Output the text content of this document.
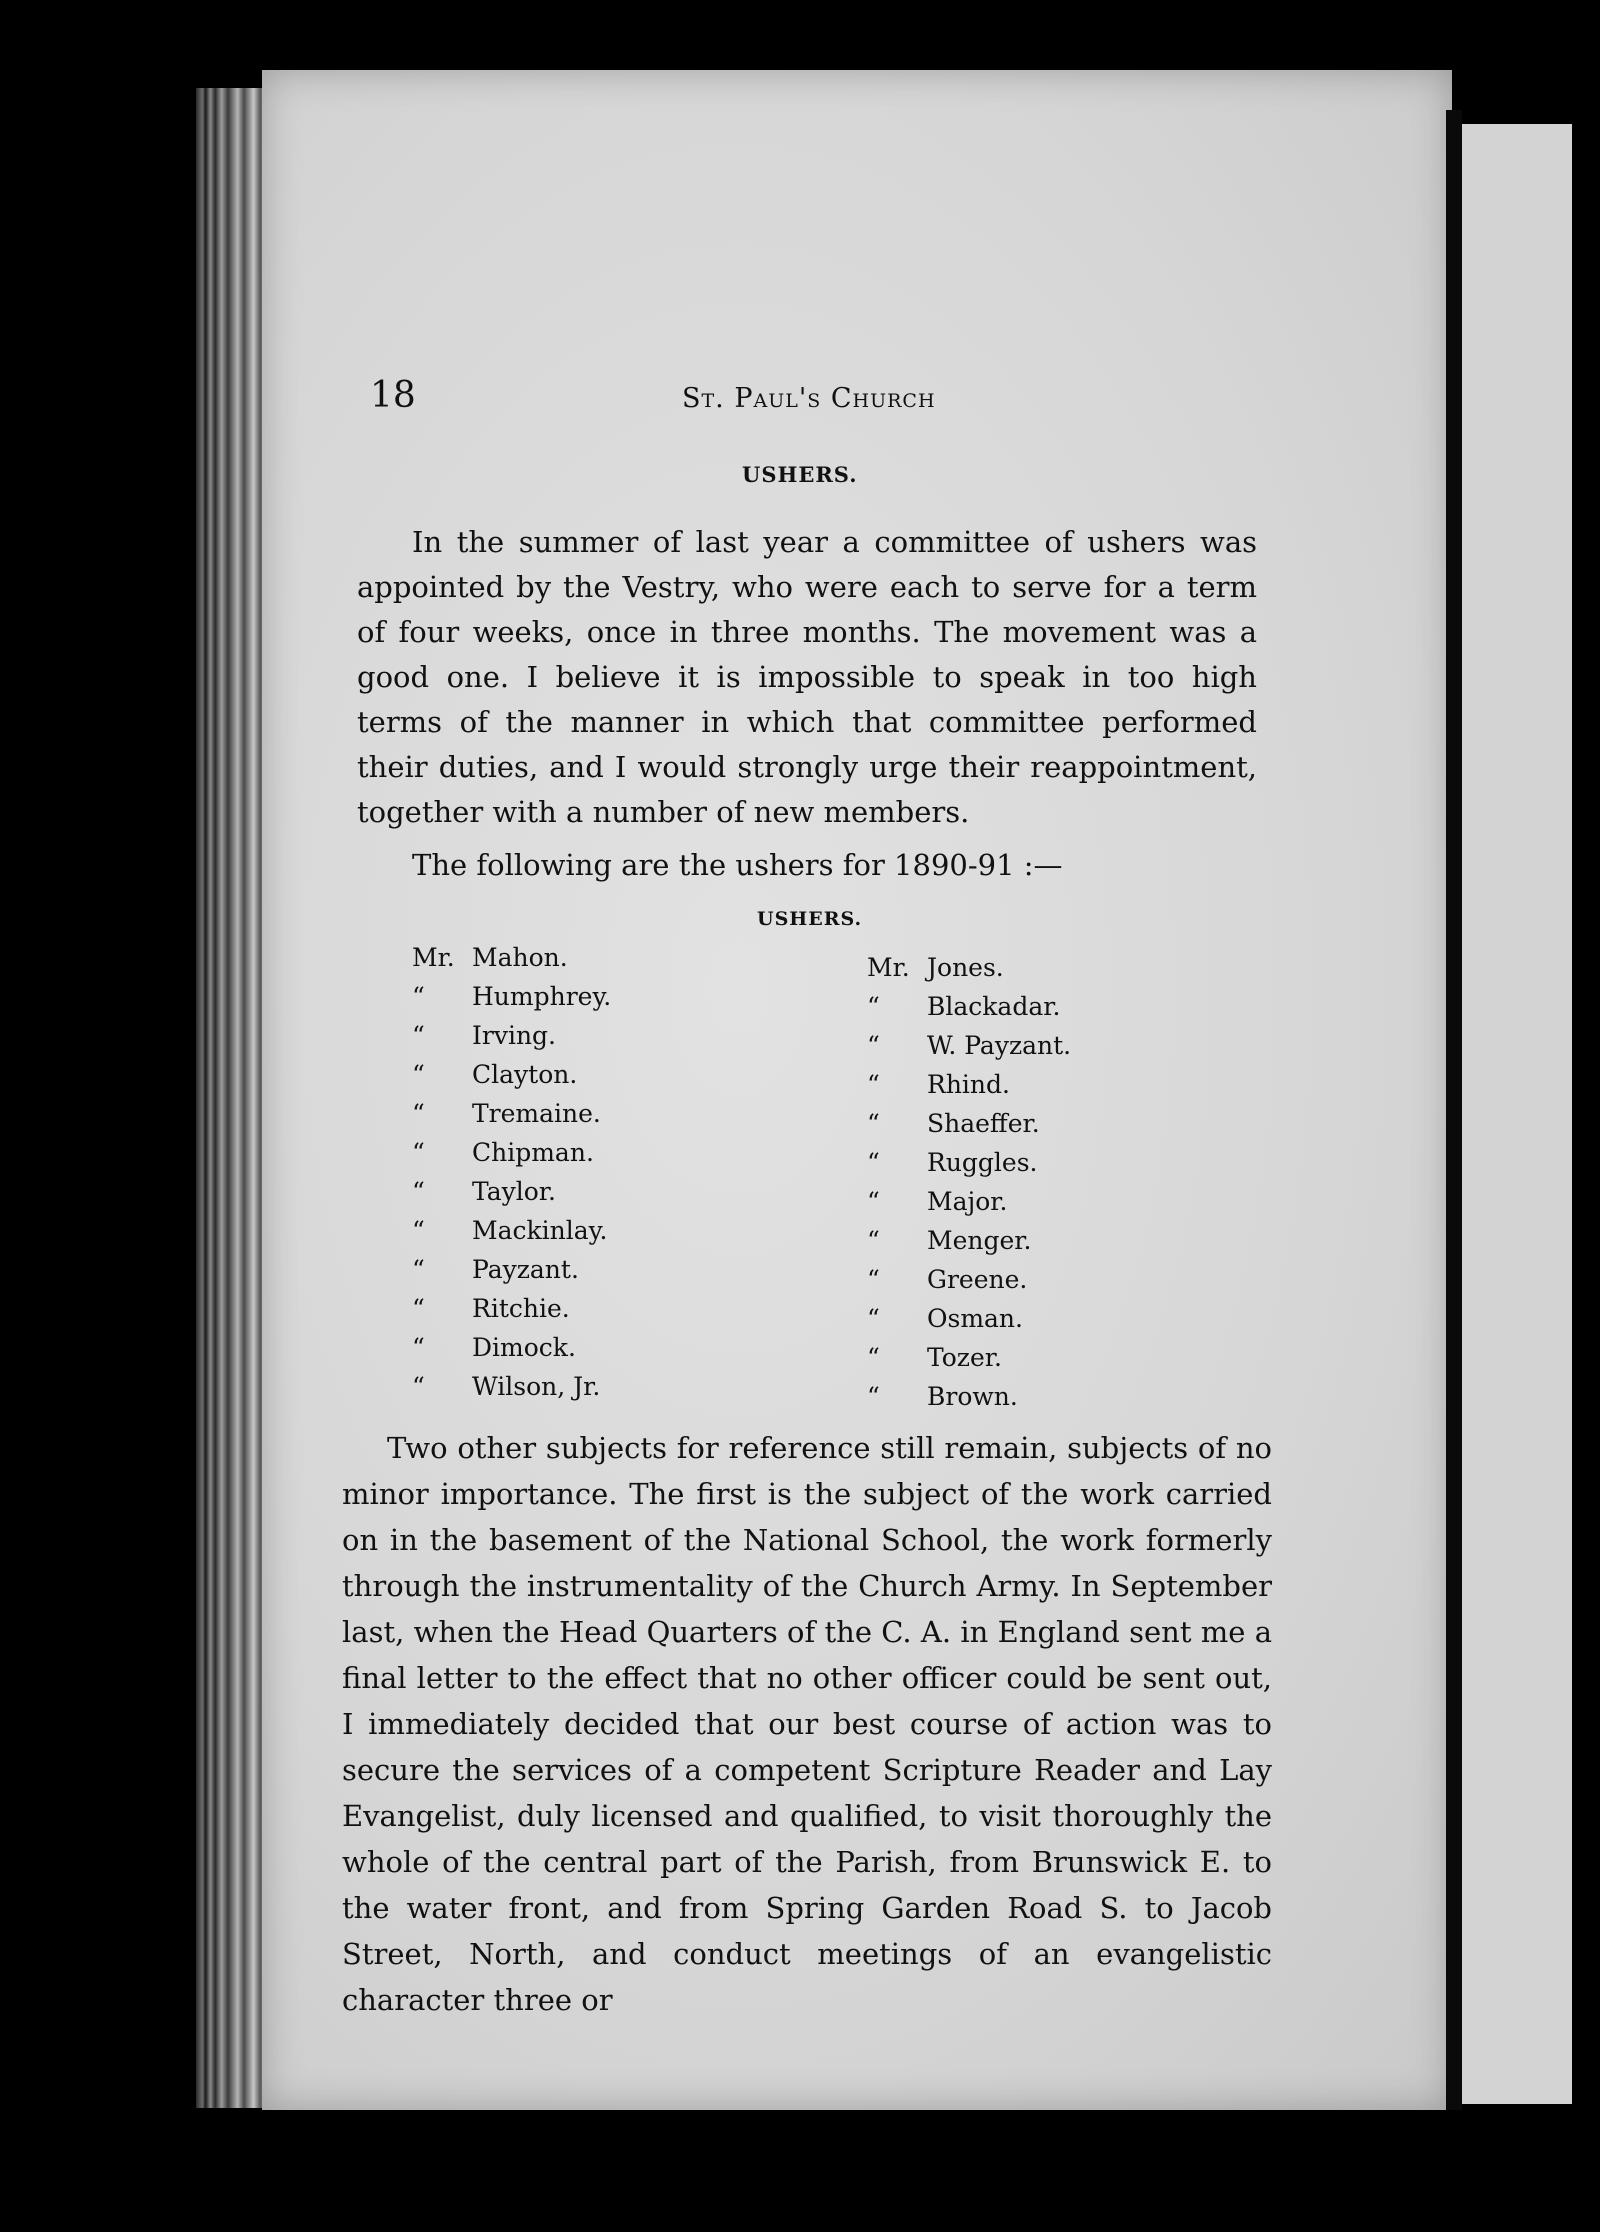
18	St. Paul's Church
USHERS.
In the summer of last year a committee of ushers was appointed by the Vestry, who were each to serve for a term of four weeks, once in three months. The movement was a good one. I believe it is impossible to speak in too high terms of the manner in which that committee performed their duties, and I would strongly urge their reappointment, together with a number of new members.
The following are the ushers for 1890-91 :—
USHERS.
Mr. Mahon.
“	Humphrey.
“	Irving.
“	Clayton.
“	Tremaine.
“	Chipman.
“	Taylor.
“	Mackinlay.
“	Payzant.
“	Ritchie.
“	Dimock.
“	Wilson, Jr.
Mr. Jones.
“	Blackadar.
“	W. Payzant.
“	Rhind.
“	Shaeffer.
“	Ruggles.
“	Major.
“	Menger.
“	Greene.
“	Osman.
“	Tozer.
“	Brown.
Two other subjects for reference still remain, subjects of no minor importance. The first is the subject of the work carried on in the basement of the National School, the work formerly through the instrumentality of the Church Army. In September last, when the Head Quarters of the C. A. in England sent me a final letter to the effect that no other officer could be sent out, I immediately decided that our best course of action was to secure the services of a competent Scripture Reader and Lay Evangelist, duly licensed and qualified, to visit thoroughly the whole of the central part of the Parish, from Brunswick E. to the water front, and from Spring Garden Road S. to Jacob Street, North, and conduct meetings of an evangelistic character three or
